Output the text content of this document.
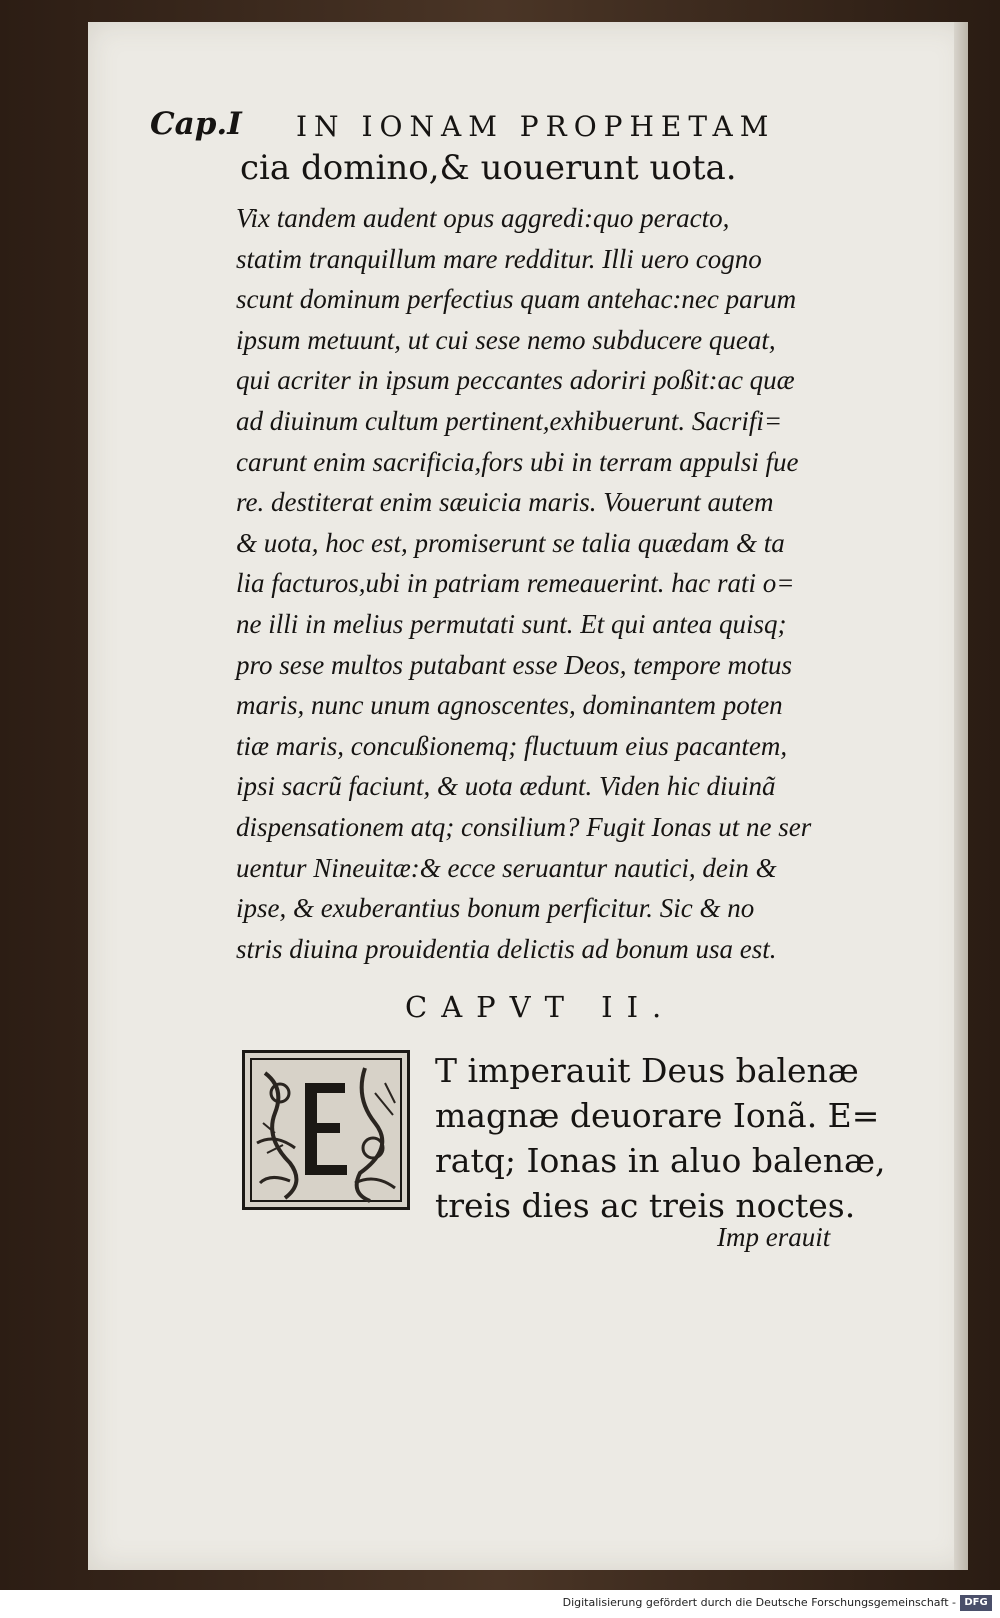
Cap.I IN IONAM PROPHETAM
cia domino,& uouerunt uota.
Vix tandem audent opus aggredi:quo peracto,
statim tranquillum mare redditur. Illi uero cogno
scunt dominum perfectius quam antehac:nec parum
ipsum metuunt, ut cui sese nemo subducere queat,
qui acriter in ipsum peccantes adoriri poßit:ac quæ
ad diuinum cultum pertinent,exhibuerunt. Sacrifi=
carunt enim sacrificia,fors ubi in terram appulsi fue
re. destiterat enim sæuicia maris. Vouerunt autem
& uota, hoc est, promiserunt se talia quædam & ta
lia facturos,ubi in patriam remeauerint. hac rati o=
ne illi in melius permutati sunt. Et qui antea quisq;
pro sese multos putabant esse Deos, tempore motus
maris, nunc unum agnoscentes, dominantem poten
tiæ maris, concußionemq; fluctuum eius pacantem,
ipsi sacrũ faciunt, & uota ædunt. Viden hic diuinã
dispensationem atq; consilium? Fugit Ionas ut ne ser
uentur Nineuitæ:& ecce seruantur nautici, dein &
ipse, & exuberantius bonum perficitur. Sic & no
stris diuina prouidentia delictis ad bonum usa est.
CAPVT II.
T imperauit Deus balenæ
magnæ deuorare Ionã. E=
ratq; Ionas in aluo balenæ,
treis dies ac treis noctes.
Imp erauit
Digitalisierung gefördert durch die Deutsche Forschungsgemeinschaft - DFG
